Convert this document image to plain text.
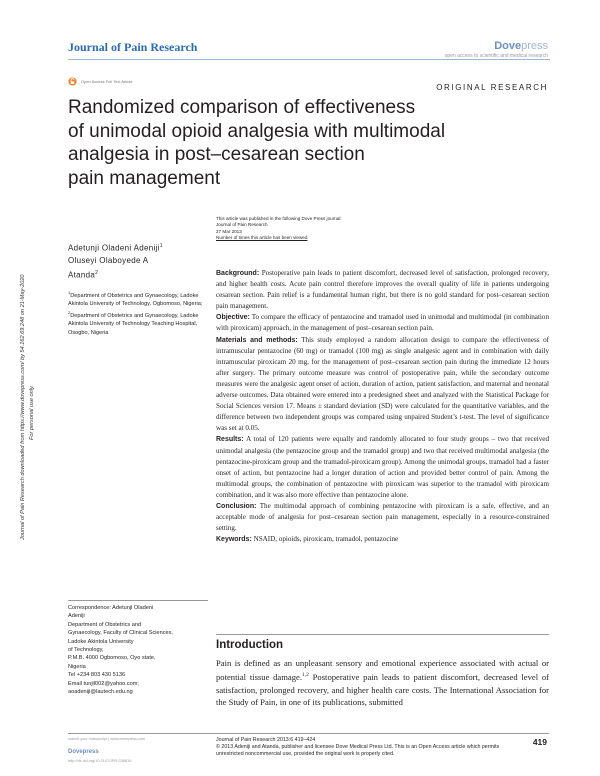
Journal of Pain Research	Dovepress
open access to scientific and medical research
Open Access Full Text Article
ORIGINAL RESEARCH
Randomized comparison of effectiveness
of unimodal opioid analgesia with multimodal
analgesia in post–cesarean section
pain management
Journal of Pain Research downloaded from https://www.dovepress.com/ by 54.162.69.248 on 21-May-2020 For personal use only.
This article was published in the following Dove Press journal:
Journal of Pain Research
27 Mar 2013
Number of times this article has been viewed
Adetunji Oladeni Adeniji$^1$
Oluseyi Olaboyede A
Atanda$^2$
$^1$Department of Obstetrics and Gynaecology, Ladoke Akintola University of Technology, Ogbomoso, Nigeria; $^2$Department of Obstetrics and Gynaecology, Ladoke Akintola University of Technology Teaching Hospital, Osogbo, Nigeria
Correspondence: Adetunji Oladeni
Adeniji
Department of Obstetrics and
Gynaecology, Faculty of Clinical Sciences,
Ladoke Akintola University
of Technology,
P.M.B. 4000 Ogbomoso, Oyo state,
Nigeria
Tel +234 803 430 5136
Email tunjil002@yahoo.com;
aoadeniji@lautech.edu.ng

Background: Postoperative pain leads to patient discomfort, decreased level of satisfaction, prolonged recovery, and higher health costs. Acute pain control therefore improves the overall quality of life in patients undergoing cesarean section. Pain relief is a fundamental human right, but there is no gold standard for post–cesarean section pain management.

Objective: To compare the efficacy of pentazocine and tramadol used in unimodal and multimodal (in combination with piroxicam) approach, in the management of post–cesarean section pain.

Materials and methods: This study employed a random allocation design to compare the effectiveness of intramuscular pentazocine (60 mg) or tramadol (100 mg) as single analgesic agent and in combination with daily intramuscular piroxicam 20 mg, for the management of post–cesarean section pain during the immediate 12 hours after surgery. The primary outcome measure was control of postoperative pain, while the secondary outcome measures were the analgesic agent onset of action, duration of action, patient satisfaction, and maternal and neonatal adverse outcomes. Data obtained were entered into a predesigned sheet and analyzed with the Statistical Package for Social Sciences version 17. Means ± standard deviation (SD) were calculated for the quantitative variables, and the difference between two independent groups was compared using unpaired Student’s t-test. The level of significance was set at 0.05.

Results: A total of 120 patients were equally and randomly allocated to four study groups – two that received unimodal analgesia (the pentazocine group and the tramadol group) and two that received multimodal analgesia (the pentazocine-piroxicam group and the tramadol-piroxicam group). Among the unimodal groups, tramadol had a faster onset of action, but pentazocine had a longer duration of action and provided better control of pain. Among the multimodal groups, the combination of pentazocine with piroxicam was superior to the tramadol with piroxicam combination, and it was also more effective than pentazocine alone.

Conclusion: The multimodal approach of combining pentazocine with piroxicam is a safe, effective, and an acceptable mode of analgesia for post–cesarean section pain management, especially in a resource-constrained setting.

Keywords: NSAID, opioids, piroxicam, tramadol, pentazocine

Introduction
Pain is defined as an unpleasant sensory and emotional experience associated with actual or potential tissue damage.$^{1,2}$ Postoperative pain leads to patient discomfort, decreased level of satisfaction, prolonged recovery, and higher health care costs. The International Association for the Study of Pain, in one of its publications, submitted
submit your manuscript | www.dovepress.com
Dovepress
http://dx.doi.org/10.2147/JPR.S38819
Journal of Pain Research 2013:6 419–424
© 2013 Adeniji and Atanda, publisher and licensee Dove Medical Press Ltd. This is an Open Access article which permits unrestricted noncommercial use, provided the original work is properly cited.
419
